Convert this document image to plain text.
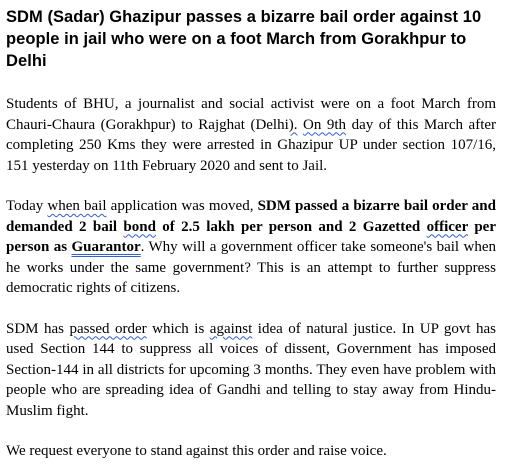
SDM (Sadar) Ghazipur passes a bizarre bail order against 10 people in jail who were on a foot March from Gorakhpur to Delhi

Students of BHU, a journalist and social activist were on a foot March from Chauri-Chaura (Gorakhpur) to Rajghat (Delhi). On 9th day of this March after completing 250 Kms they were arrested in Ghazipur UP under section 107/16, 151 yesterday on 11th February 2020 and sent to Jail.

Today when bail application was moved, SDM passed a bizarre bail order and demanded 2 bail bond of 2.5 lakh per person and 2 Gazetted officer per person as Guarantor. Why will a government officer take someone's bail when he works under the same government? This is an attempt to further suppress democratic rights of citizens.

SDM has passed order which is against idea of natural justice. In UP govt has used Section 144 to suppress all voices of dissent, Government has imposed Section-144 in all districts for upcoming 3 months. They even have problem with people who are spreading idea of Gandhi and telling to stay away from Hindu-Muslim fight.

We request everyone to stand against this order and raise voice.
